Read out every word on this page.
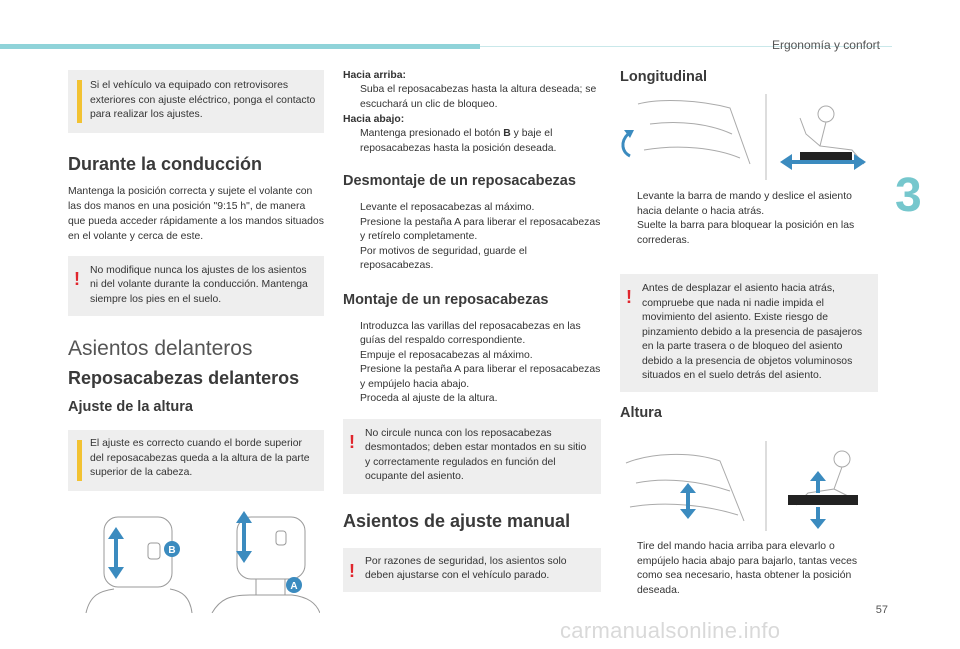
Ergonomía y confort
3
57
carmanualsonline.info
Si el vehículo va equipado con retrovisores exteriores con ajuste eléctrico, ponga el contacto para realizar los ajustes.
Durante la conducción

Mantenga la posición correcta y sujete el volante con las dos manos en una posición "9:15 h", de manera que pueda acceder rápidamente a los mandos situados en el volante y cerca de este.

! No modifique nunca los ajustes de los asientos ni del volante durante la conducción. Mantenga siempre los pies en el suelo.
Asientos delanteros
Reposacabezas delanteros
Ajuste de la altura
El ajuste es correcto cuando el borde superior del reposacabezas queda a la altura de la parte superior de la cabeza.
B
A

Hacia arriba:

Suba el reposacabezas hasta la altura deseada; se escuchará un clic de bloqueo.

Hacia abajo:

Mantenga presionado el botón B y baje el reposacabezas hasta la posición deseada.
Desmontaje de un reposacabezas
Levante el reposacabezas al máximo.
Presione la pestaña A para liberar el reposacabezas y retírelo completamente.
Por motivos de seguridad, guarde el reposacabezas.
Montaje de un reposacabezas
Introduzca las varillas del reposacabezas en las guías del respaldo correspondiente.
Empuje el reposacabezas al máximo.
Presione la pestaña A para liberar el reposacabezas y empújelo hacia abajo.
Proceda al ajuste de la altura.
! No circule nunca con los reposacabezas desmontados; deben estar montados en su sitio y correctamente regulados en función del ocupante del asiento.
Asientos de ajuste manual
! Por razones de seguridad, los asientos solo deben ajustarse con el vehículo parado.
Longitudinal
Levante la barra de mando y deslice el asiento hacia delante o hacia atrás.
Suelte la barra para bloquear la posición en las correderas.
! Antes de desplazar el asiento hacia atrás, compruebe que nada ni nadie impida el movimiento del asiento. Existe riesgo de pinzamiento debido a la presencia de pasajeros en la parte trasera o de bloqueo del asiento debido a la presencia de objetos voluminosos situados en el suelo detrás del asiento.
Altura
Tire del mando hacia arriba para elevarlo o empújelo hacia abajo para bajarlo, tantas veces como sea necesario, hasta obtener la posición deseada.
